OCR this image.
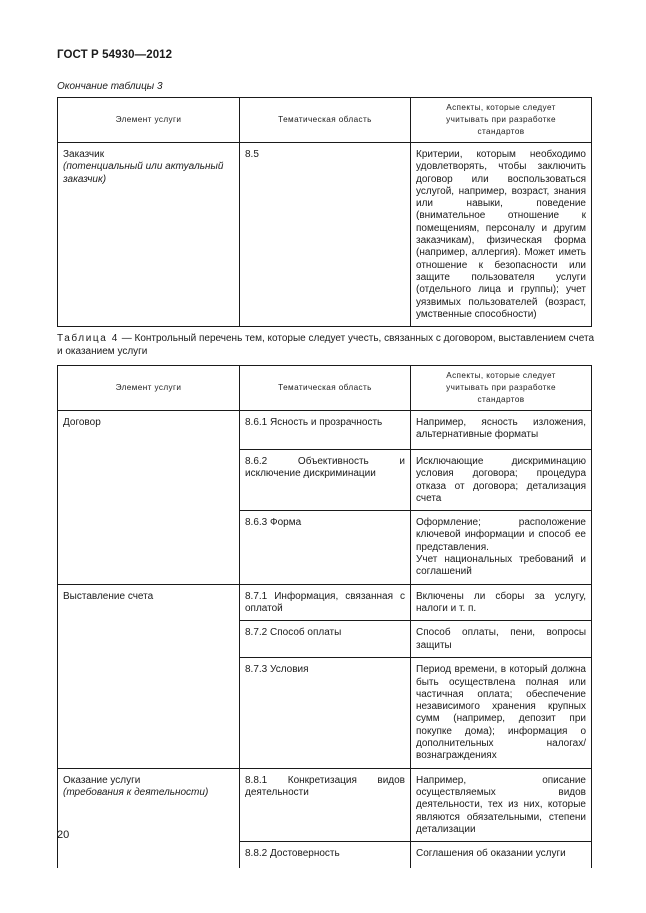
ГОСТ Р 54930—2012
Окончание таблицы 3
Элемент услуги	Тематическая область	Аспекты, которые следует учитывать при разработке стандартов

Заказчик
(потенциальный или актуальный заказчик)	8.5	Критерии, которым необходимо удовлетворять, чтобы заключить договор или воспользоваться услугой, например, возраст, знания или навыки, поведение (внимательное отношение к помещениям, персоналу и другим заказчикам), физическая форма (например, аллергия). Может иметь отношение к безопасности или защите пользователя услуги (отдельного лица и группы); учет уязвимых пользователей (возраст, умственные способности)
Таблица 4 — Контрольный перечень тем, которые следует учесть, связанных с договором, выставлением счета и оказанием услуги
Элемент услуги	Тематическая область	Аспекты, которые следует учитывать при разработке стандартов

Договор	8.6.1 Ясность и прозрачность	Например, ясность изложения, альтернативные форматы

	8.6.2 Объективность и исключение дискриминации	Исключающие дискриминацию условия договора; процедура отказа от договора; детализация счета

	8.6.3 Форма	Оформление; расположение ключевой информации и способ ее представления.
Учет национальных требований и соглашений

Выставление счета	8.7.1 Информация, связанная с оплатой	Включены ли сборы за услугу, налоги и т. п.

	8.7.2 Способ оплаты	Способ оплаты, пени, вопросы защиты

	8.7.3 Условия	Период времени, в который должна быть осуществлена полная или частичная оплата; обеспечение независимого хранения крупных сумм (например, депозит при покупке дома); информация о дополнительных налогах/вознаграждениях

Оказание услуги
(требования к деятельности)	8.8.1 Конкретизация видов деятельности	Например, описание осуществляемых видов деятельности, тех из них, которые являются обязательными, степени детализации

	8.8.2 Достоверность	Соглашения об оказании услуги
20
